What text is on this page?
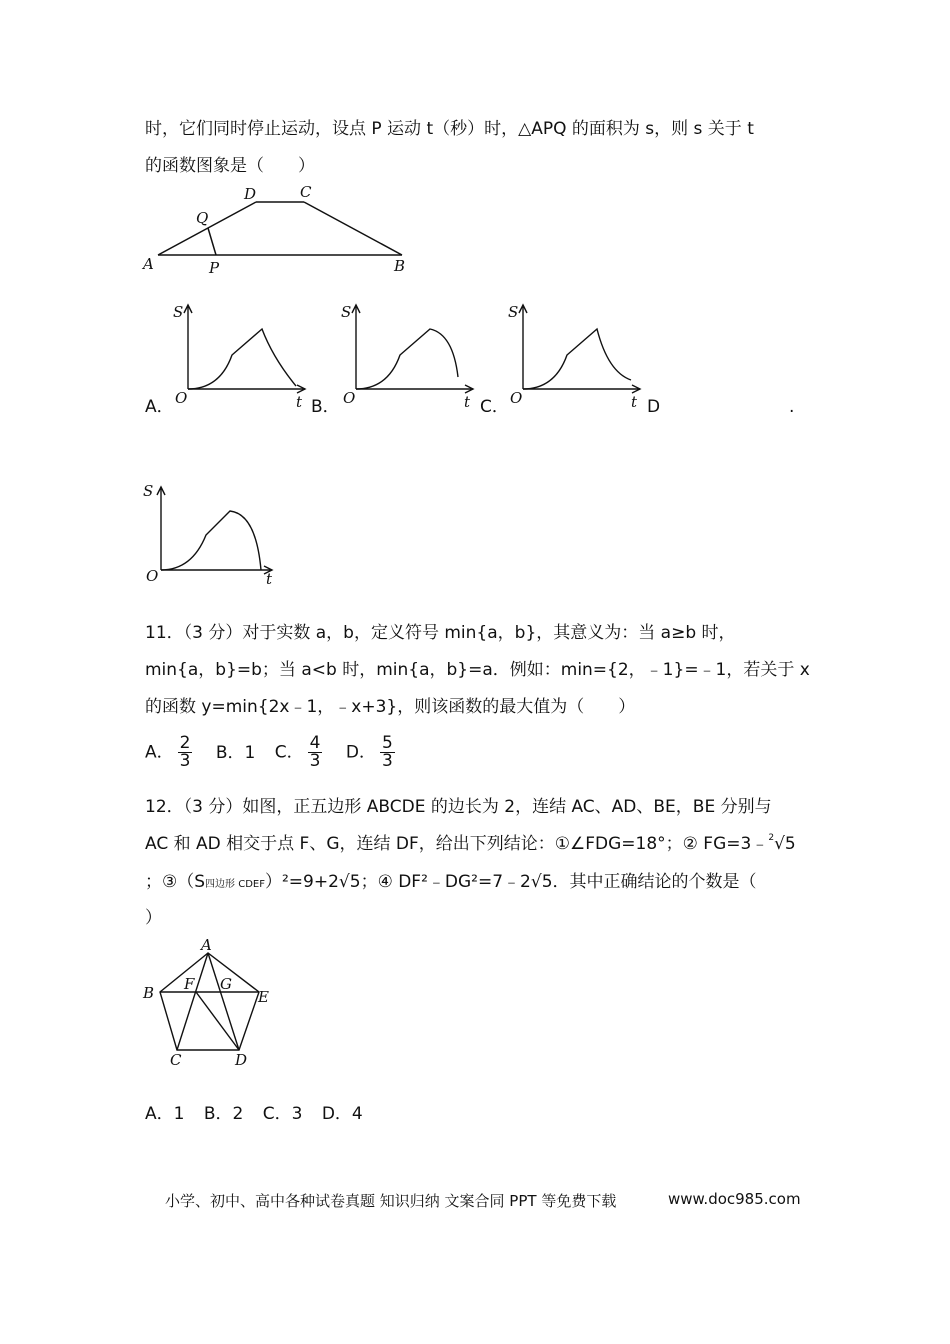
时，它们同时停止运动，设点 P 运动 t（秒）时，△APQ 的面积为 s，则 s 关于 t
的函数图象是（　　）
A	B
C
D
P
Q
S
O	t
S
O	t
S
O	t
A．	B．	C．	D	.
S
O	t
11．（3 分）对于实数 a，b，定义符号 min{a，b}，其意义为：当 a≥b 时，
min{a，b}=b；当 a<b 时，min{a，b}=a．例如：min={2，﹣1}=﹣1，若关于 x
的函数 y=min{2x﹣1，﹣x+3}，则该函数的最大值为（　　）
A． $\frac{2}{3}$ B．1 C． $\frac{4}{3}$ D． $\frac{5}{3}$
12．（3 分）如图，正五边形 ABCDE 的边长为 2，连结 AC、AD、BE，BE 分别与
AC 和 AD 相交于点 F、G，连结 DF，给出下列结论：①∠FDG=18°；② FG=3﹣$^2$√5
；③（S四边形 CDEF）²=9+2√5；④ DF²﹣DG²=7﹣2√5．其中正确结论的个数是（
）
A
B
C	D
E
F G
A．1 B．2 C．3 D．4
小学、初中、高中各种试卷真题 知识归纳 文案合同 PPT 等免费下载	www.doc985.com
